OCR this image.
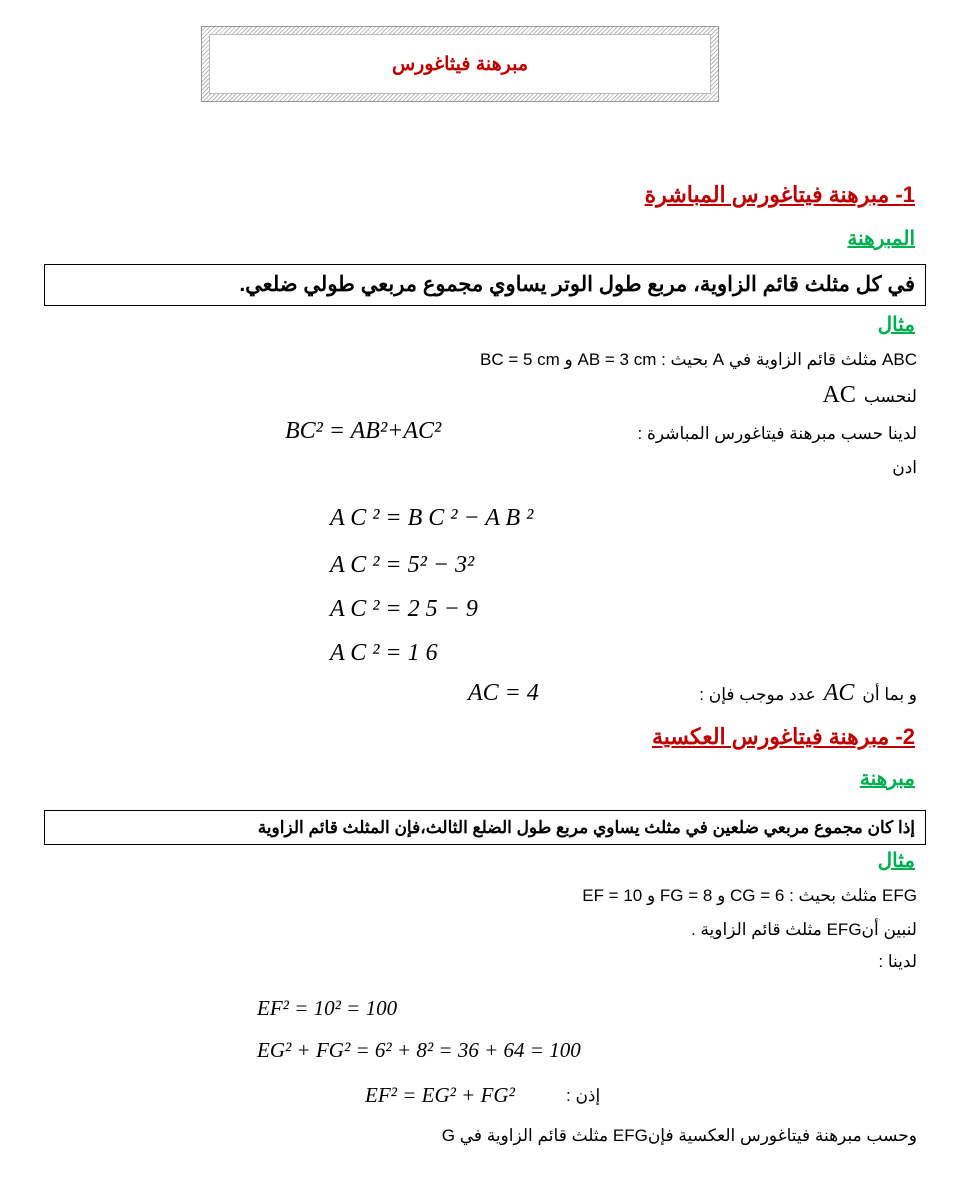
مبرهنة فيثاغورس
1- مبرهنة فيتاغورس المباشرة
المبرهنة
في كل مثلث قائم الزاوية، مربع طول الوتر يساوي مجموع مربعي طولي ضلعي.
مثال
ABC مثلث قائم الزاوية في A بحيث : AB = 3 cm و BC = 5 cm
لنحسب
AC
لدينا حسب مبرهنة فيتاغورس المباشرة :
BC² = AB²+AC²
ادن
A C ² = B C ² − A B ²
A C ² = 5² − 3²
A C ² = 2 5 − 9
A C ² = 1 6
و بما أن
AC
عدد موجب فإن :
AC = 4
2- مبرهنة فيتاغورس العكسية
مبرهنة
إذا كان مجموع مربعي ضلعين في مثلث يساوي مربع طول الضلع الثالث،فإن المثلث قائم الزاوية
مثال
EFG مثلث بحيث : CG = 6 و FG = 8 و EF = 10
لنبين أنEFG مثلث قائم الزاوية .
لدينا :
EF² = 10² = 100
EG² + FG² = 6² + 8² = 36 + 64 = 100
EF² = EG² + FG²	إذن :
وحسب مبرهنة فيتاغورس العكسية فإنEFG مثلث قائم الزاوية في G
